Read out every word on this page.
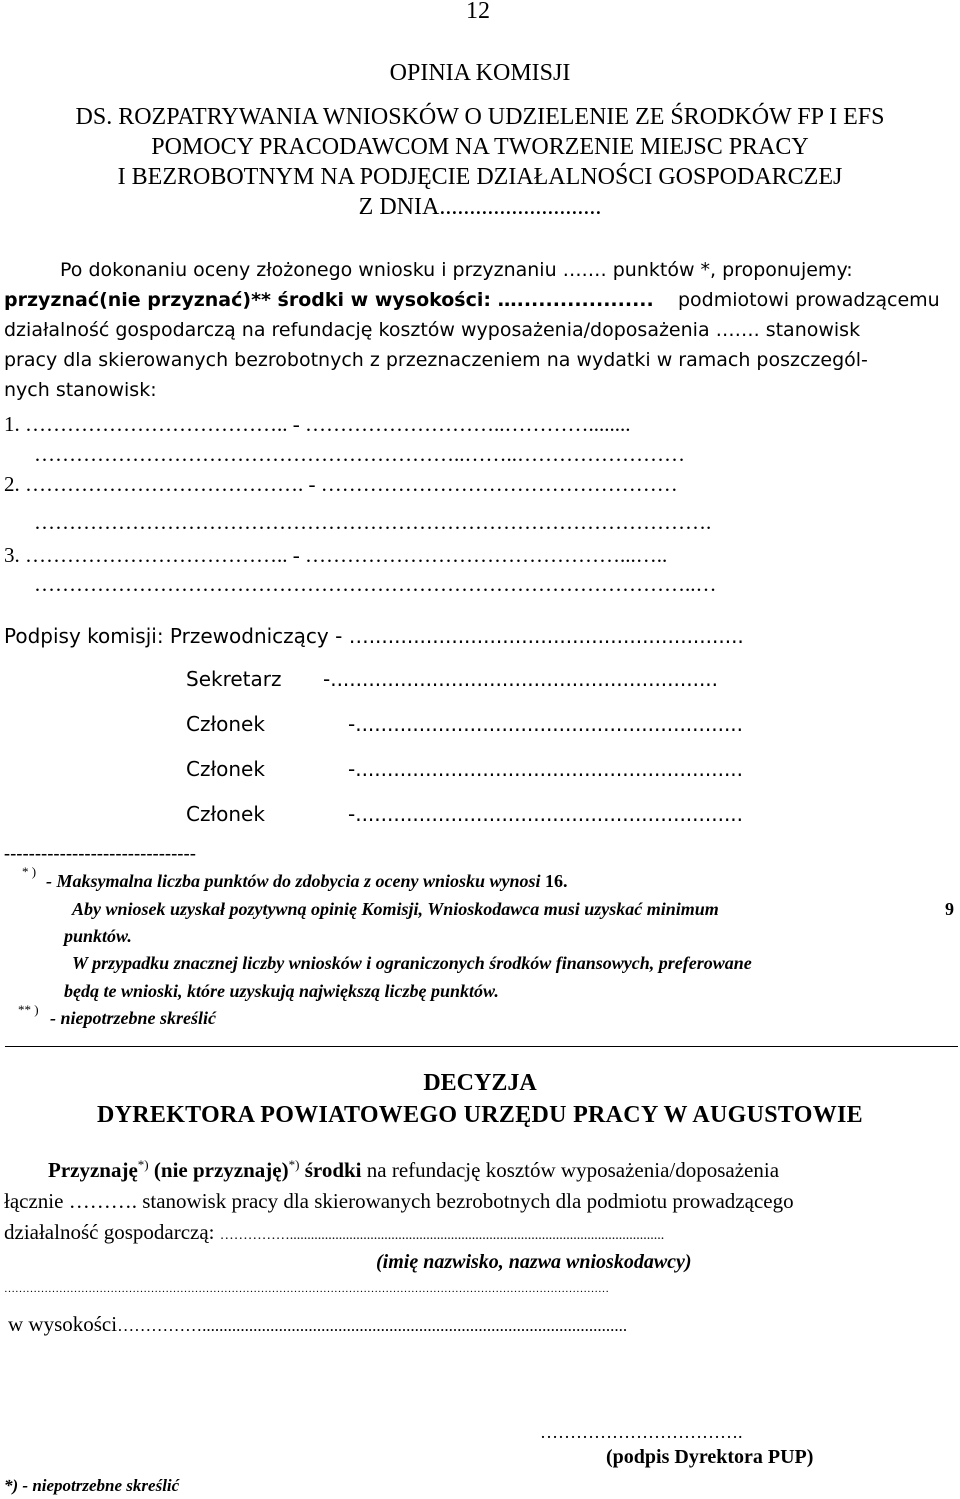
12
OPINIA KOMISJI
DS. ROZPATRYWANIA WNIOSKÓW O UDZIELENIE ZE ŚRODKÓW FP I EFS
POMOCY PRACODAWCOM NA TWORZENIE MIEJSC PRACY
I BEZROBOTNYM NA PODJĘCIE DZIAŁALNOŚCI GOSPODARCZEJ
Z DNIA...........................
Po dokonaniu oceny złożonego wniosku i przyznaniu ….… punktów *, proponujemy:
przyznać(nie przyznać)** środki w wysokości: …................... podmiotowi prowadzącemu
działalność gospodarczą na refundację kosztów wyposażenia/doposażenia ……. stanowisk
pracy dla skierowanych bezrobotnych z przeznaczeniem na wydatki w ramach poszczegól-
nych stanowisk:
1. ……………………………….. - ………………………..…………........
……………………………………………………..……..……………………
2. …………………………………. - ……………………………………………
…………………………………………………………………………………….
3. ……………………………….. - ………………………………………...…..
…………………………………………………………………………………..…
Podpisy komisji: Przewodniczący - …...........................................................
Sekretarz -.............................................................
Członek	-.............................................................
Członek	-.............................................................
Członek	-.............................................................
-------------------------------
* ) - Maksymalna liczba punktów do zdobycia z oceny wniosku wynosi 16.
Aby wniosek uzyskał pozytywną opinię Komisji, Wnioskodawca musi uzyskać minimum	9
punktów.
W przypadku znacznej liczby wniosków i ograniczonych środków finansowych, preferowane
będą te wnioski, które uzyskują największą liczbę punktów.
** ) - niepotrzebne skreślić
DECYZJA
DYREKTORA POWIATOWEGO URZĘDU PRACY W AUGUSTOWIE
Przyznaję*) (nie przyznaję)*) środki na refundację kosztów wyposażenia/doposażenia
łącznie ………. stanowisk pracy dla skierowanych bezrobotnych dla podmiotu prowadzącego
działalność gospodarczą: ……………...........................................................................................................
(imię nazwisko, nazwa wnioskodawcy)
…………………………………………………………………………………………………………………………………………………
w wysokości……………....................................................................................................
…………………………….
(podpis Dyrektora PUP)
*) - niepotrzebne skreślić
